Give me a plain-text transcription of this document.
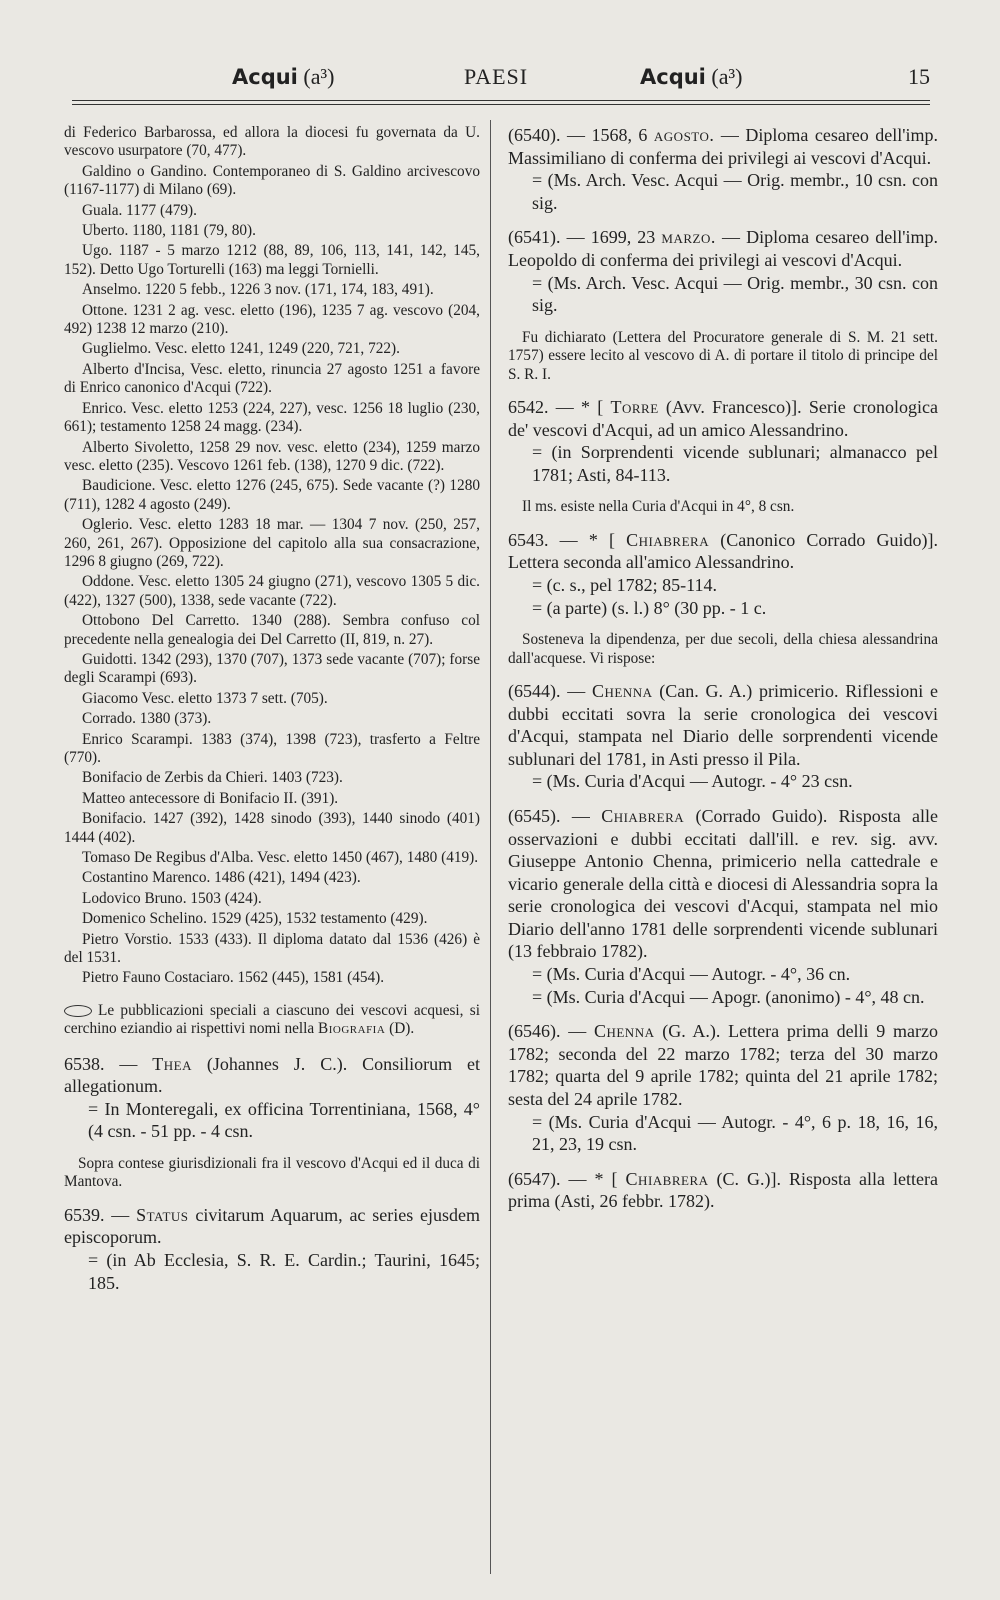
Acqui (a³)	PAESI	Acqui (a³)	15

di Federico Barbarossa, ed allora la diocesi fu governata da U. vescovo usurpatore (70, 477).

Galdino o Gandino. Contemporaneo di S. Galdino arcivescovo (1167-1177) di Milano (69).

Guala. 1177 (479).

Uberto. 1180, 1181 (79, 80).

Ugo. 1187 - 5 marzo 1212 (88, 89, 106, 113, 141, 142, 145, 152). Detto Ugo Torturelli (163) ma leggi Tornielli.

Anselmo. 1220 5 febb., 1226 3 nov. (171, 174, 183, 491).

Ottone. 1231 2 ag. vesc. eletto (196), 1235 7 ag. vescovo (204, 492) 1238 12 marzo (210).

Guglielmo. Vesc. eletto 1241, 1249 (220, 721, 722).

Alberto d'Incisa, Vesc. eletto, rinuncia 27 agosto 1251 a favore di Enrico canonico d'Acqui (722).

Enrico. Vesc. eletto 1253 (224, 227), vesc. 1256 18 luglio (230, 661); testamento 1258 24 magg. (234).

Alberto Sivoletto, 1258 29 nov. vesc. eletto (234), 1259 marzo vesc. eletto (235). Vescovo 1261 feb. (138), 1270 9 dic. (722).

Baudicione. Vesc. eletto 1276 (245, 675). Sede vacante (?) 1280 (711), 1282 4 agosto (249).

Oglerio. Vesc. eletto 1283 18 mar. — 1304 7 nov. (250, 257, 260, 261, 267). Opposizione del capitolo alla sua consacrazione, 1296 8 giugno (269, 722).

Oddone. Vesc. eletto 1305 24 giugno (271), vescovo 1305 5 dic. (422), 1327 (500), 1338, sede vacante (722).

Ottobono Del Carretto. 1340 (288). Sembra confuso col precedente nella genealogia dei Del Carretto (II, 819, n. 27).

Guidotti. 1342 (293), 1370 (707), 1373 sede vacante (707); forse degli Scarampi (693).

Giacomo Vesc. eletto 1373 7 sett. (705).

Corrado. 1380 (373).

Enrico Scarampi. 1383 (374), 1398 (723), trasferto a Feltre (770).

Bonifacio de Zerbis da Chieri. 1403 (723).

Matteo antecessore di Bonifacio II. (391).

Bonifacio. 1427 (392), 1428 sinodo (393), 1440 sinodo (401) 1444 (402).

Tomaso De Regibus d'Alba. Vesc. eletto 1450 (467), 1480 (419).

Costantino Marenco. 1486 (421), 1494 (423).

Lodovico Bruno. 1503 (424).

Domenico Schelino. 1529 (425), 1532 testamento (429).

Pietro Vorstio. 1533 (433). Il diploma datato dal 1536 (426) è del 1531.

Pietro Fauno Costaciaro. 1562 (445), 1581 (454).

Le pubblicazioni speciali a ciascuno dei vescovi acquesi, si cerchino eziandio ai rispettivi nomi nella Biografia (D).

6538. — Thea (Johannes J. C.). Consiliorum et allegationum.
= In Monteregali, ex officina Torrentiniana, 1568, 4° (4 csn. - 51 pp. - 4 csn.
Sopra contese giurisdizionali fra il vescovo d'Acqui ed il duca di Mantova.
6539. — Status civitarum Aquarum, ac series ejusdem episcoporum.
= (in Ab Ecclesia, S. R. E. Cardin.; Taurini, 1645; 185.
(6540). — 1568, 6 agosto. — Diploma cesareo dell'imp. Massimiliano di conferma dei privilegi ai vescovi d'Acqui.
= (Ms. Arch. Vesc. Acqui — Orig. membr., 10 csn. con sig.
(6541). — 1699, 23 marzo. — Diploma cesareo dell'imp. Leopoldo di conferma dei privilegi ai vescovi d'Acqui.
= (Ms. Arch. Vesc. Acqui — Orig. membr., 30 csn. con sig.
Fu dichiarato (Lettera del Procuratore generale di S. M. 21 sett. 1757) essere lecito al vescovo di A. di portare il titolo di principe del S. R. I.
6542. — * [ Torre (Avv. Francesco)]. Serie cronologica de' vescovi d'Acqui, ad un amico Alessandrino.
= (in Sorprendenti vicende sublunari; almanacco pel 1781; Asti, 84-113.
Il ms. esiste nella Curia d'Acqui in 4°, 8 csn.
6543. — * [ Chiabrera (Canonico Corrado Guido)]. Lettera seconda all'amico Alessandrino.
= (c. s., pel 1782; 85-114.
= (a parte) (s. l.) 8° (30 pp. - 1 c.
Sosteneva la dipendenza, per due secoli, della chiesa alessandrina dall'acquese. Vi rispose:
(6544). — Chenna (Can. G. A.) primicerio. Riflessioni e dubbi eccitati sovra la serie cronologica dei vescovi d'Acqui, stampata nel Diario delle sorprendenti vicende sublunari del 1781, in Asti presso il Pila.
= (Ms. Curia d'Acqui — Autogr. - 4° 23 csn.
(6545). — Chiabrera (Corrado Guido). Risposta alle osservazioni e dubbi eccitati dall'ill. e rev. sig. avv. Giuseppe Antonio Chenna, primicerio nella cattedrale e vicario generale della città e diocesi di Alessandria sopra la serie cronologica dei vescovi d'Acqui, stampata nel mio Diario dell'anno 1781 delle sorprendenti vicende sublunari (13 febbraio 1782).
= (Ms. Curia d'Acqui — Autogr. - 4°, 36 cn.
= (Ms. Curia d'Acqui — Apogr. (anonimo) - 4°, 48 cn.
(6546). — Chenna (G. A.). Lettera prima delli 9 marzo 1782; seconda del 22 marzo 1782; terza del 30 marzo 1782; quarta del 9 aprile 1782; quinta del 21 aprile 1782; sesta del 24 aprile 1782.
= (Ms. Curia d'Acqui — Autogr. - 4°, 6 p. 18, 16, 16, 21, 23, 19 csn.
(6547). — * [ Chiabrera (C. G.)]. Risposta alla lettera prima (Asti, 26 febbr. 1782).
